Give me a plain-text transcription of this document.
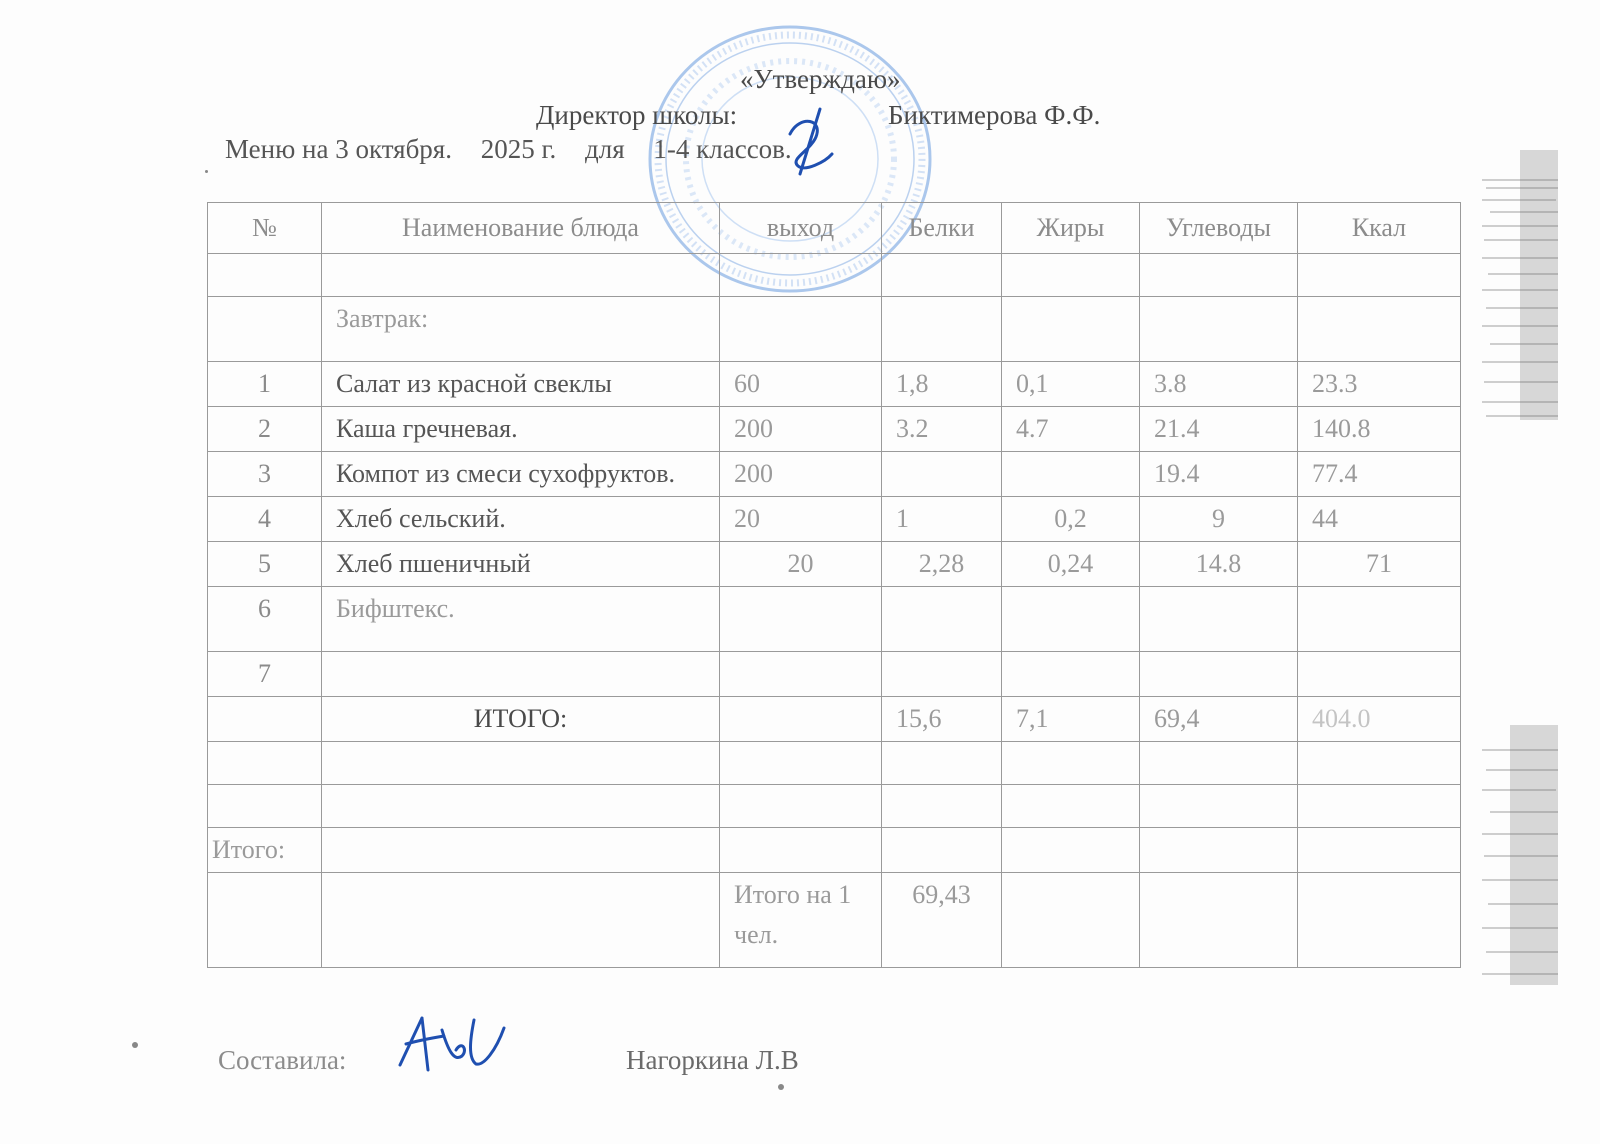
«Утверждаю»
Директор школы:	Биктимерова Ф.Ф.
Меню на 3 октября. 2025 г. для 1-4 классов.
№	Наименование блюда	выход	Белки	Жиры	Углеводы	Ккал

	Завтрак:					
1	Салат из красной свеклы	60	1,8	0,1	3.8	23.3
2	Каша гречневая.	200	3.2	4.7	21.4	140.8
3	Компот из смеси сухофруктов.	200			19.4	77.4
4	Хлеб сельский.	20	1	0,2	9	44
5	Хлеб пшеничный	20	2,28	0,24	14.8	71
6	Бифштекс.					
7						
	ИТОГО:		15,6	7,1	69,4	404.0

Итого:						
		Итого на 1 чел.	69,43			
Составила:	Нагоркина Л.В
